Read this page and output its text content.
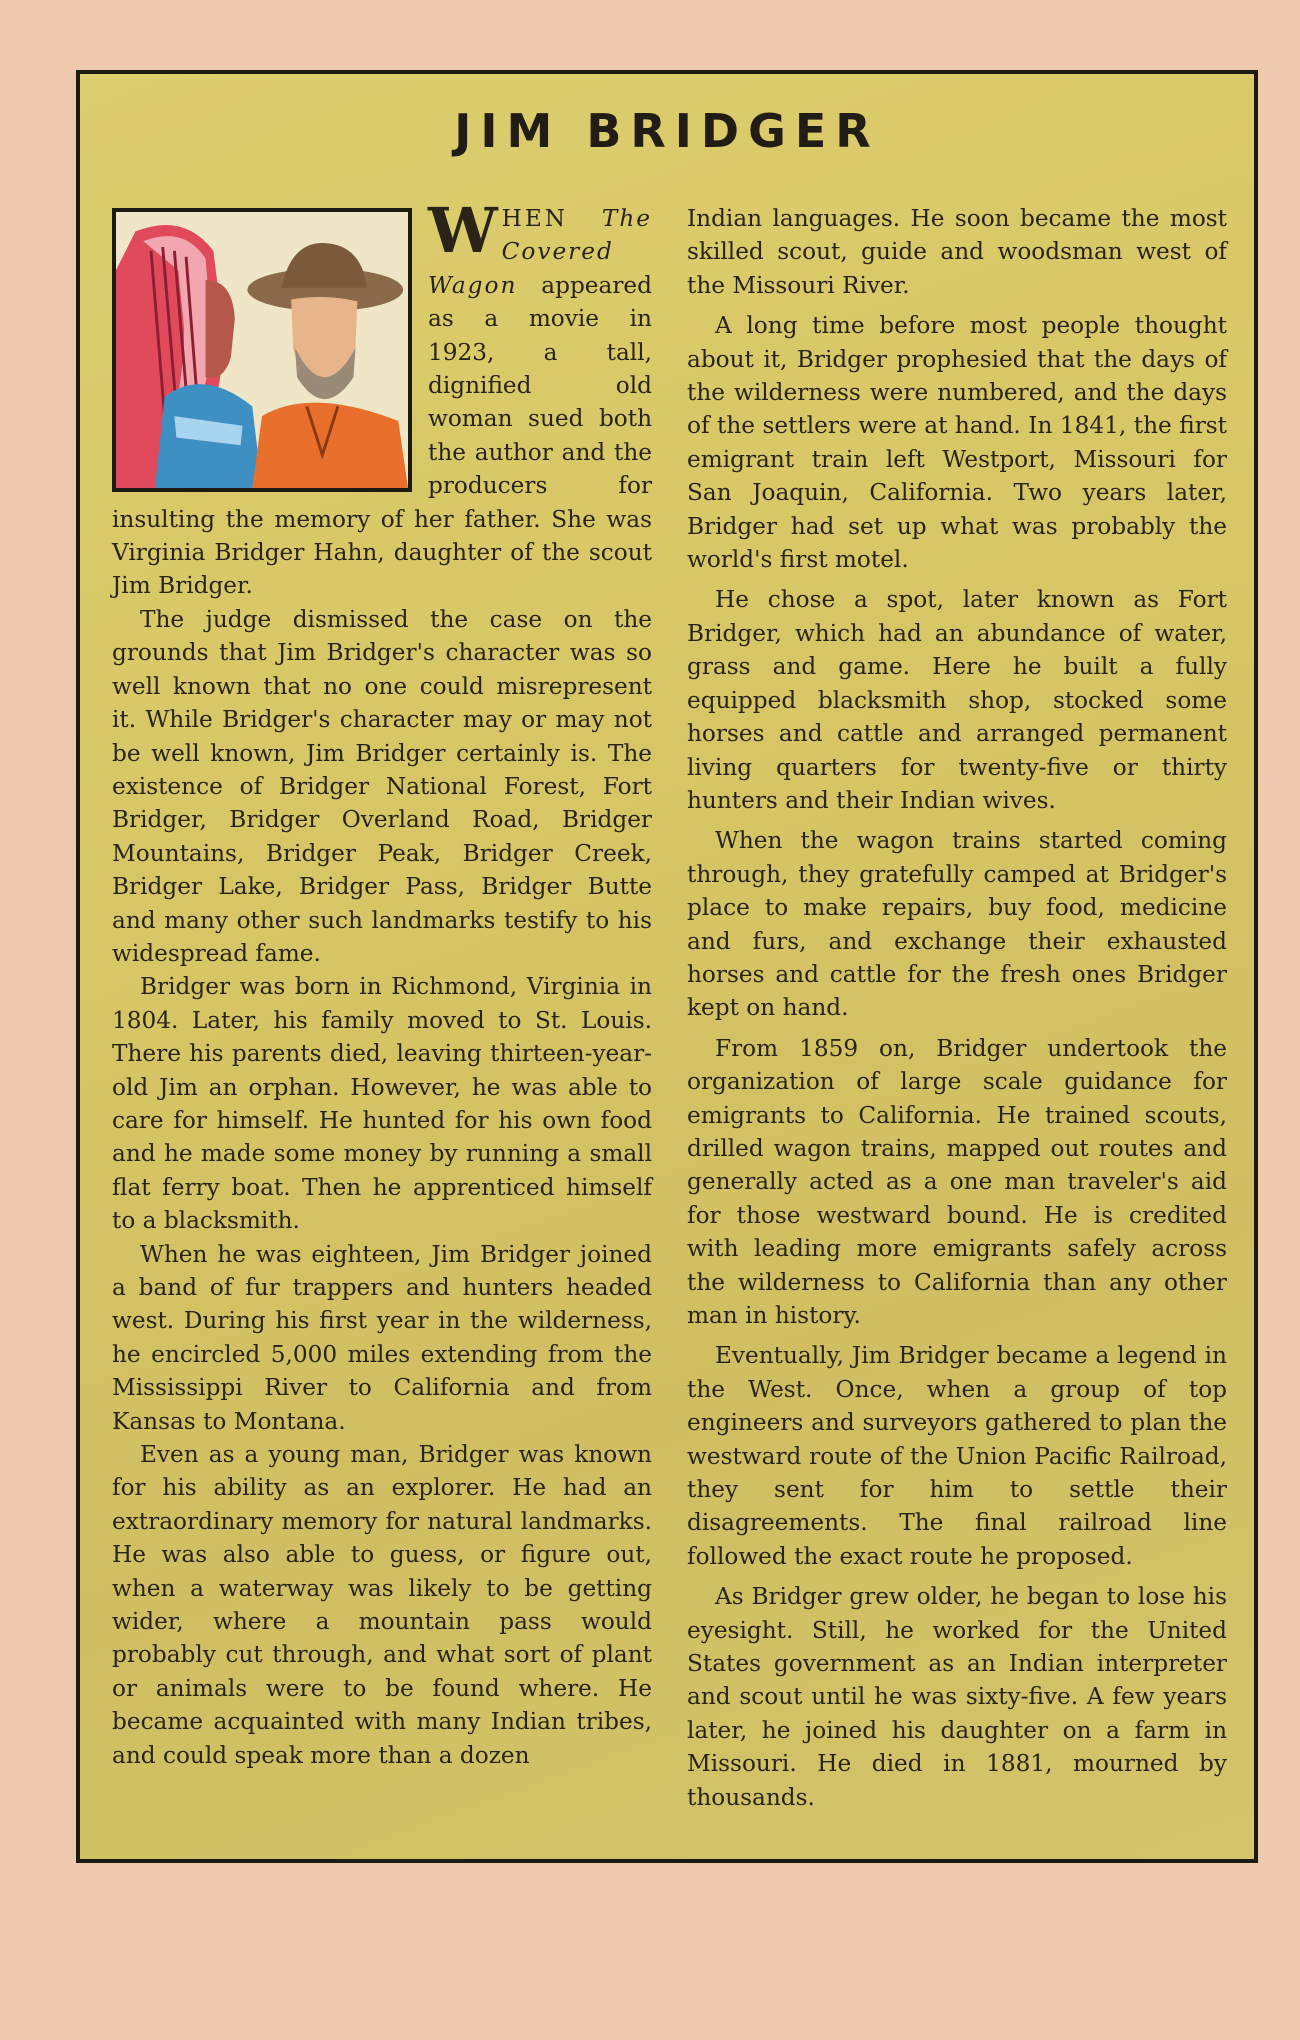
JIM BRIDGER

WHEN The Covered Wagon appeared as a movie in 1923, a tall, dignified old woman sued both the author and the producers for insulting the memory of her father. She was Virginia Bridger Hahn, daughter of the scout Jim Bridger.

The judge dismissed the case on the grounds that Jim Bridger's character was so well known that no one could misrepresent it. While Bridger's character may or may not be well known, Jim Bridger certainly is. The existence of Bridger National Forest, Fort Bridger, Bridger Overland Road, Bridger Mountains, Bridger Peak, Bridger Creek, Bridger Lake, Bridger Pass, Bridger Butte and many other such landmarks testify to his widespread fame.

Bridger was born in Richmond, Virginia in 1804. Later, his family moved to St. Louis. There his parents died, leaving thirteen-year-old Jim an orphan. However, he was able to care for himself. He hunted for his own food and he made some money by running a small flat ferry boat. Then he apprenticed himself to a blacksmith.

When he was eighteen, Jim Bridger joined a band of fur trappers and hunters headed west. During his first year in the wilderness, he encircled 5,000 miles extending from the Mississippi River to California and from Kansas to Montana.

Even as a young man, Bridger was known for his ability as an explorer. He had an extraordinary memory for natural landmarks. He was also able to guess, or figure out, when a waterway was likely to be getting wider, where a mountain pass would probably cut through, and what sort of plant or animals were to be found where. He became acquainted with many Indian tribes, and could speak more than a dozen

Indian languages. He soon became the most skilled scout, guide and woodsman west of the Missouri River.

A long time before most people thought about it, Bridger prophesied that the days of the wilderness were numbered, and the days of the settlers were at hand. In 1841, the first emigrant train left Westport, Missouri for San Joaquin, California. Two years later, Bridger had set up what was probably the world's first motel.

He chose a spot, later known as Fort Bridger, which had an abundance of water, grass and game. Here he built a fully equipped blacksmith shop, stocked some horses and cattle and arranged permanent living quarters for twenty-five or thirty hunters and their Indian wives.

When the wagon trains started coming through, they gratefully camped at Bridger's place to make repairs, buy food, medicine and furs, and exchange their exhausted horses and cattle for the fresh ones Bridger kept on hand.

From 1859 on, Bridger undertook the organization of large scale guidance for emigrants to California. He trained scouts, drilled wagon trains, mapped out routes and generally acted as a one man traveler's aid for those westward bound. He is credited with leading more emigrants safely across the wilderness to California than any other man in history.

Eventually, Jim Bridger became a legend in the West. Once, when a group of top engineers and surveyors gathered to plan the westward route of the Union Pacific Railroad, they sent for him to settle their disagreements. The final railroad line followed the exact route he proposed.

As Bridger grew older, he began to lose his eyesight. Still, he worked for the United States government as an Indian interpreter and scout until he was sixty-five. A few years later, he joined his daughter on a farm in Missouri. He died in 1881, mourned by thousands.
